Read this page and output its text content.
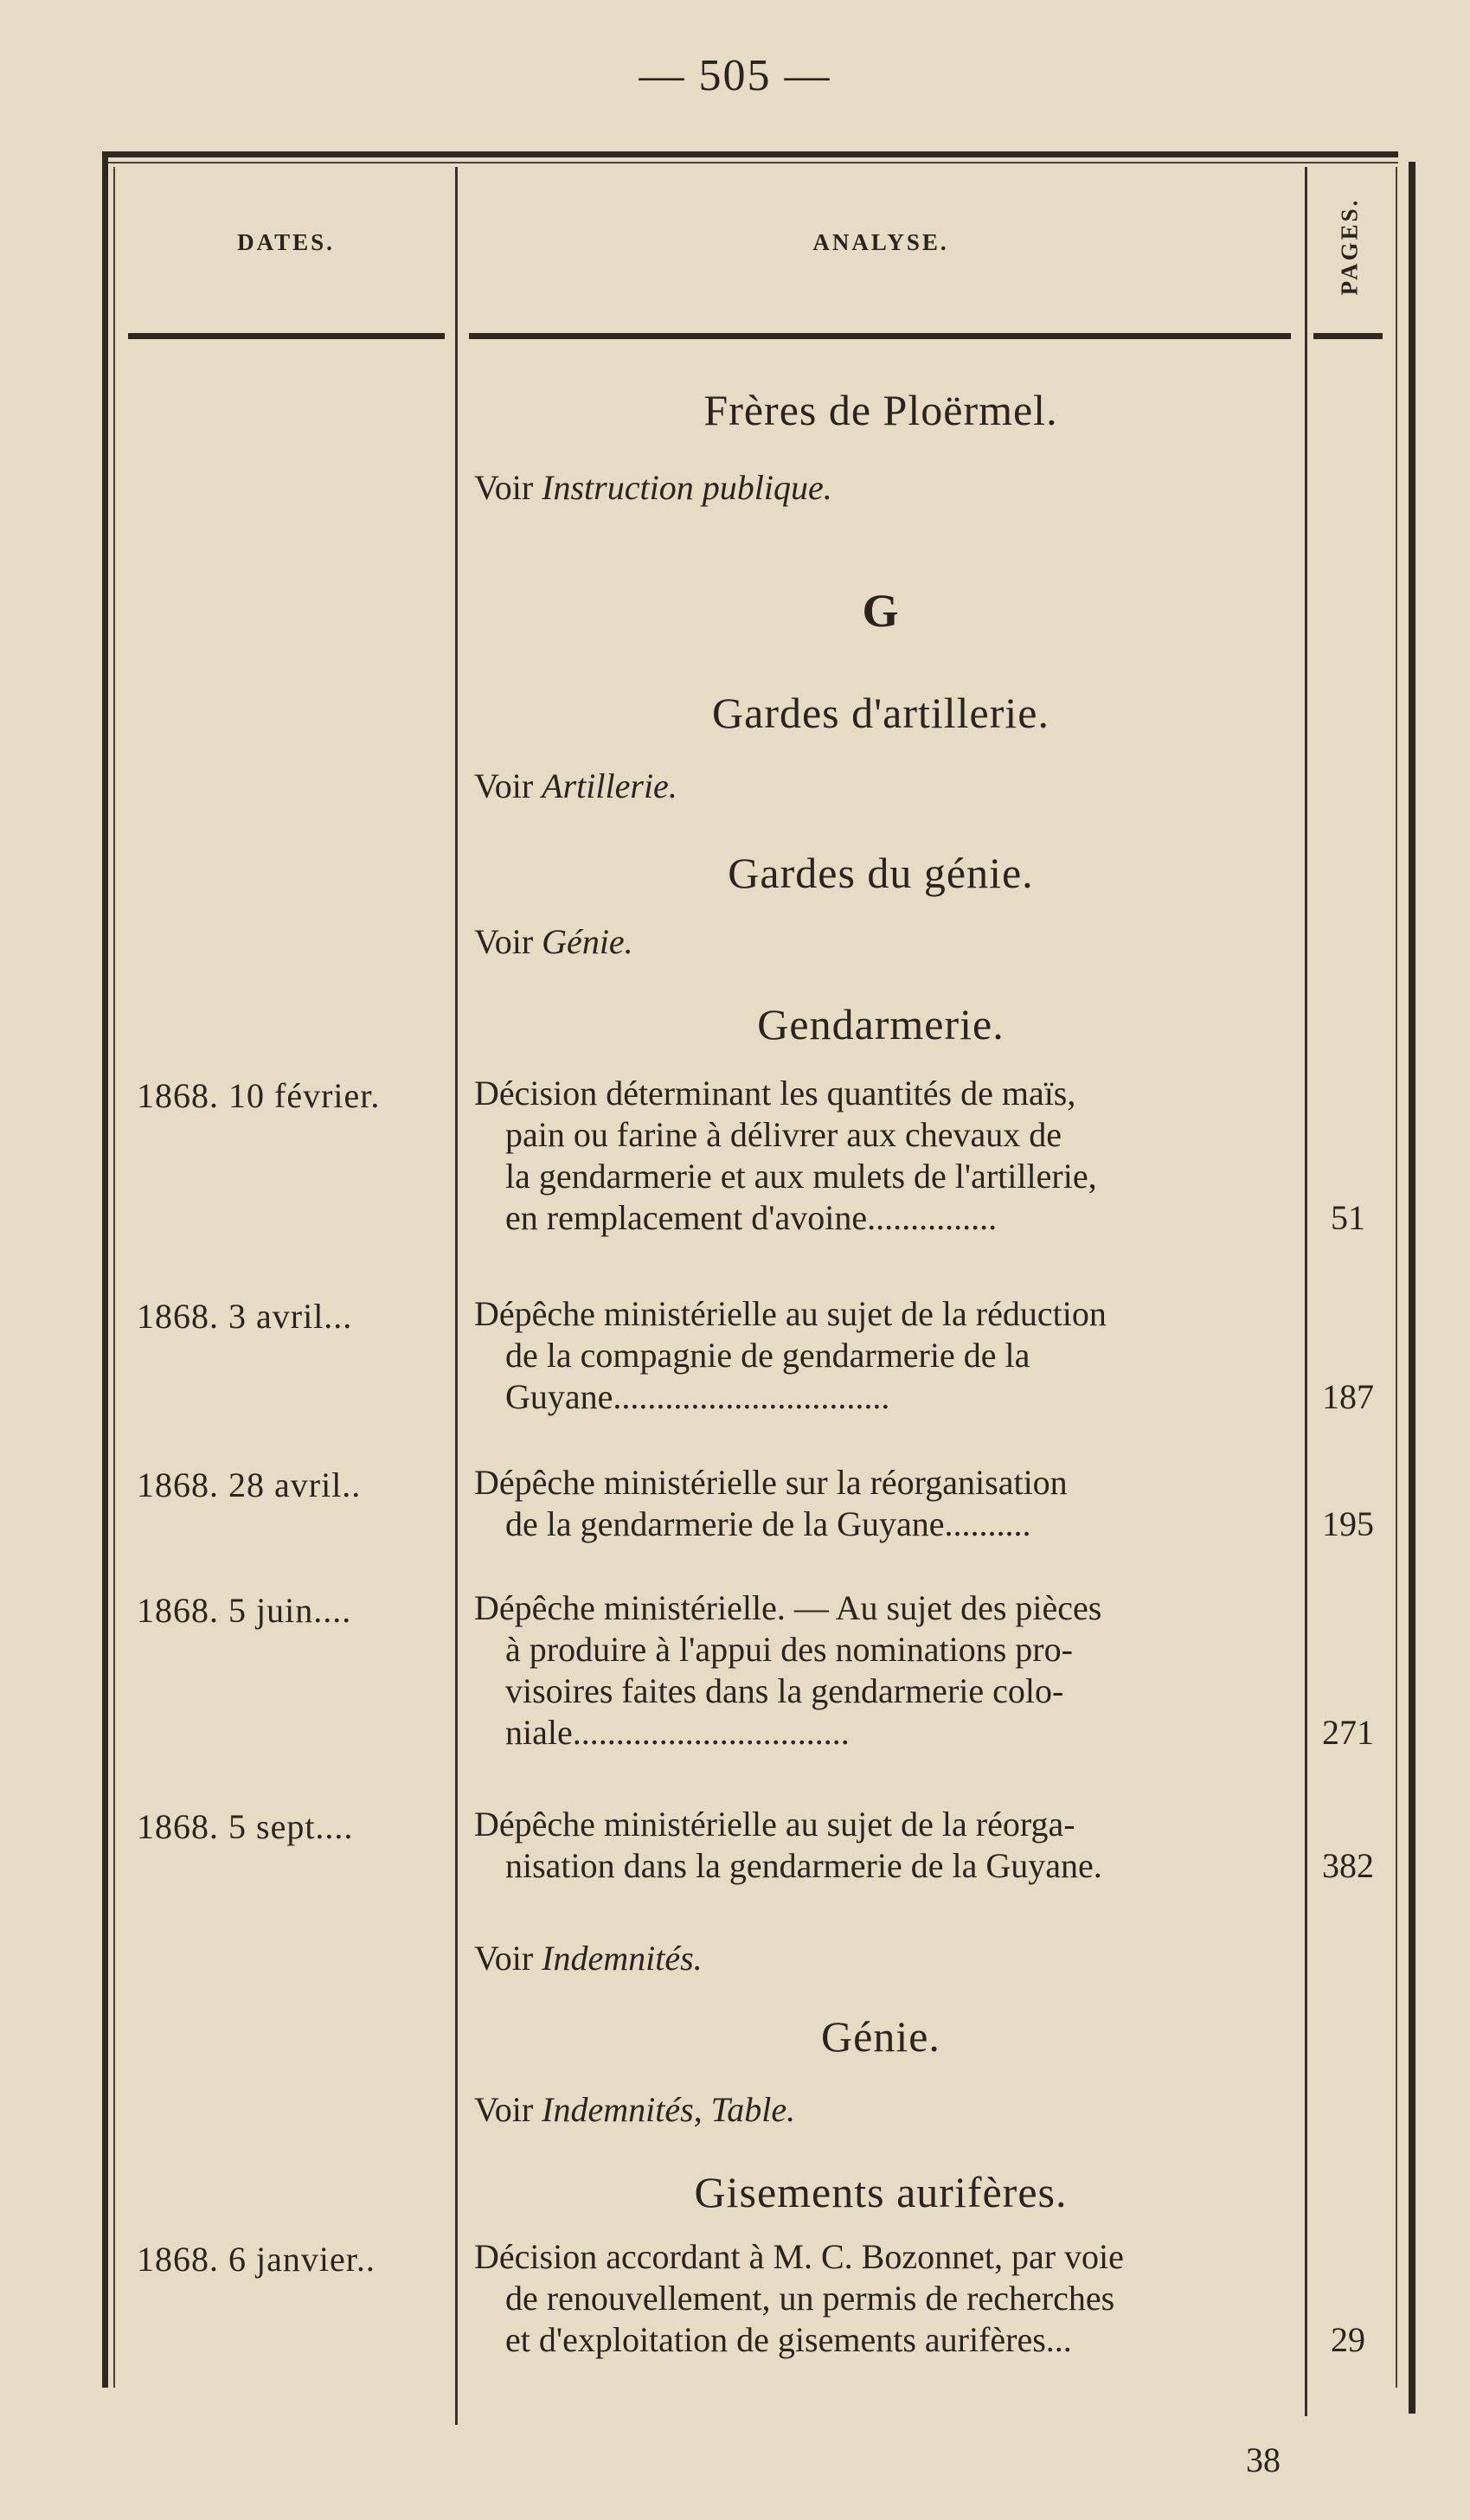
— 505 —
DATES.	ANALYSE.	PAGES.
Frères de Ploërmel.
Voir Instruction publique.
G
Gardes d'artillerie.
Voir Artillerie.
Gardes du génie.
Voir Génie.
Gendarmerie.
1868. 10 février.	Décision déterminant les quantités de maïs,
pain ou farine à délivrer aux chevaux de
la gendarmerie et aux mulets de l'artillerie,
en remplacement d'avoine...............	51
1868. 3 avril...	Dépêche ministérielle au sujet de la réduction
de la compagnie de gendarmerie de la
Guyane................................	187
1868. 28 avril..	Dépêche ministérielle sur la réorganisation
de la gendarmerie de la Guyane..........	195
1868. 5 juin....	Dépêche ministérielle. — Au sujet des pièces
à produire à l'appui des nominations pro-
visoires faites dans la gendarmerie colo-
niale................................	271
1868. 5 sept....	Dépêche ministérielle au sujet de la réorga-
nisation dans la gendarmerie de la Guyane.	382
Voir Indemnités.
Génie.
Voir Indemnités, Table.
Gisements aurifères.
1868. 6 janvier..	Décision accordant à M. C. Bozonnet, par voie
de renouvellement, un permis de recherches
et d'exploitation de gisements aurifères...	29
38
